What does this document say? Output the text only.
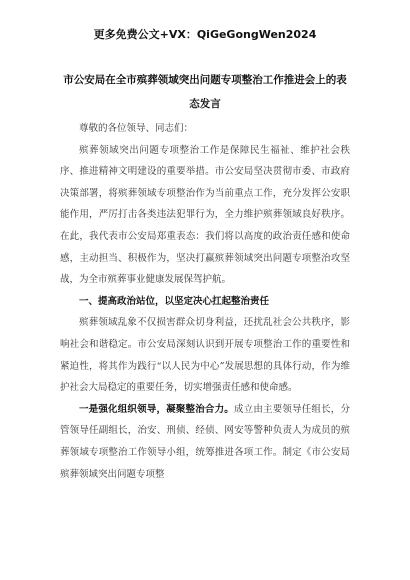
更多免费公文+VX：QiGeGongWen2024
市公安局在全市殡葬领域突出问题专项整治工作推进会上的表态发言

尊敬的各位领导、同志们：

殡葬领域突出问题专项整治工作是保障民生福祉、维护社会秩序、推进精神文明建设的重要举措。市公安局坚决贯彻市委、市政府决策部署，将殡葬领域专项整治作为当前重点工作，充分发挥公安职能作用，严厉打击各类违法犯罪行为，全力维护殡葬领域良好秩序。在此，我代表市公安局郑重表态：我们将以高度的政治责任感和使命感，主动担当、积极作为，坚决打赢殡葬领域突出问题专项整治攻坚战，为全市殡葬事业健康发展保驾护航。

一、提高政治站位，以坚定决心扛起整治责任

殡葬领域乱象不仅损害群众切身利益，还扰乱社会公共秩序，影响社会和谐稳定。市公安局深刻认识到开展专项整治工作的重要性和紧迫性，将其作为践行“以人民为中心”发展思想的具体行动，作为维护社会大局稳定的重要任务，切实增强责任感和使命感。

一是强化组织领导，凝聚整治合力。成立由主要领导任组长，分管领导任副组长，治安、刑侦、经侦、网安等警种负责人为成员的殡葬领域专项整治工作领导小组，统筹推进各项工作。制定《市公安局殡葬领域突出问题专项整
